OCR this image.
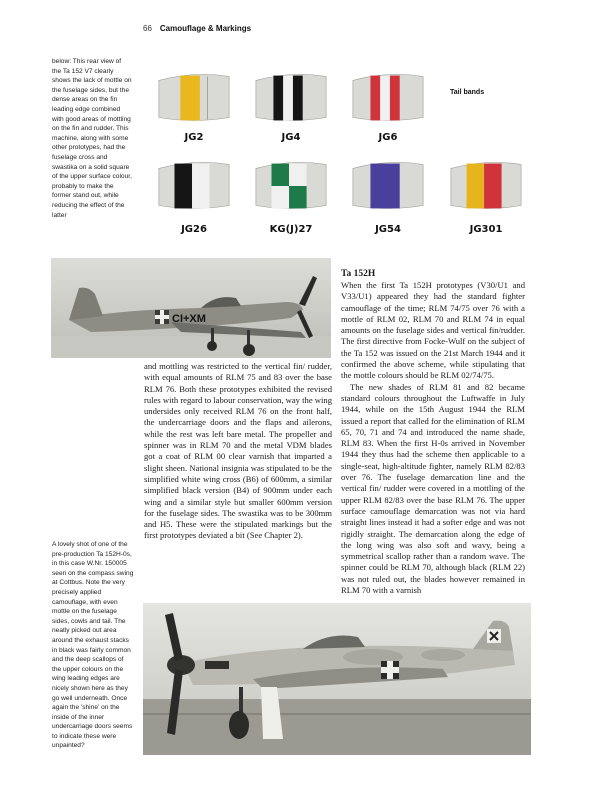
66 Camouflage & Markings
below: This rear view of the Ta 152 V7 clearly shows the lack of mottle on the fuselage sides, but the dense areas on the fin leading edge combined with good areas of mottling on the fin and rudder. This machine, along with some other prototypes, had the fuselage cross and swastika on a solid square of the upper surface colour, probably to make the former stand out, while reducing the effect of the latter
Tail bands
JG2	JG4	JG6
JG26	KG(J)27	JG54	JG301
CI+XM
and mottling was restricted to the vertical fin/ rudder, with equal amounts of RLM 75 and 83 over the base RLM 76. Both these prototypes exhibited the revised rules with regard to labour conservation, way the wing undersides only received RLM 76 on the front half, the undercarriage doors and the flaps and ailerons, while the rest was left bare metal. The propeller and spinner was in RLM 70 and the metal VDM blades got a coat of RLM 00 clear varnish that imparted a slight sheen. National insignia was stipulated to be the simplified white wing cross (B6) of 600mm, a similar simplified black version (B4) of 900mm under each wing and a similar style but smaller 600mm version for the fuselage sides. The swastika was to be 300mm and H5. These were the stipulated markings but the first prototypes deviated a bit (See Chapter 2).
Ta 152H
When the first Ta 152H prototypes (V30/U1 and V33/U1) appeared they had the standard fighter camouflage of the time; RLM 74/75 over 76 with a mottle of RLM 02, RLM 70 and RLM 74 in equal amounts on the fuselage sides and vertical fin/rudder. The first directive from Focke-Wulf on the subject of the Ta 152 was issued on the 21st March 1944 and it confirmed the above scheme, while stipulating that the mottle colours should be RLM 02/74/75.
The new shades of RLM 81 and 82 became standard colours throughout the Luftwaffe in July 1944, while on the 15th August 1944 the RLM issued a report that called for the elimination of RLM 65, 70, 71 and 74 and introduced the name shade, RLM 83. When the first H-0s arrived in November 1944 they thus had the scheme then applicable to a single-seat, high-altitude fighter, namely RLM 82/83 over 76. The fuselage demarcation line and the vertical fin/ rudder were covered in a mottling of the upper RLM 82/83 over the base RLM 76. The upper surface camouflage demarcation was not via hard straight lines instead it had a softer edge and was not rigidly straight. The demarcation along the edge of the long wing was also soft and wavy, being a symmetrical scallop rather than a random wave. The spinner could be RLM 70, although black (RLM 22) was not ruled out, the blades however remained in RLM 70 with a varnish
A lovely shot of one of the pre-production Ta 152H-0s, in this case W.Nr. 150005 seen on the compass swing at Cottbus. Note the very precisely applied camouflage, with even mottle on the fuselage sides, cowls and tail. The neatly picked out area around the exhaust stacks in black was fairly common and the deep scallops of the upper colours on the wing leading edges are nicely shown here as they go well underneath. Once again the 'shine' on the inside of the inner undercarriage doors seems to indicate these were unpainted?
